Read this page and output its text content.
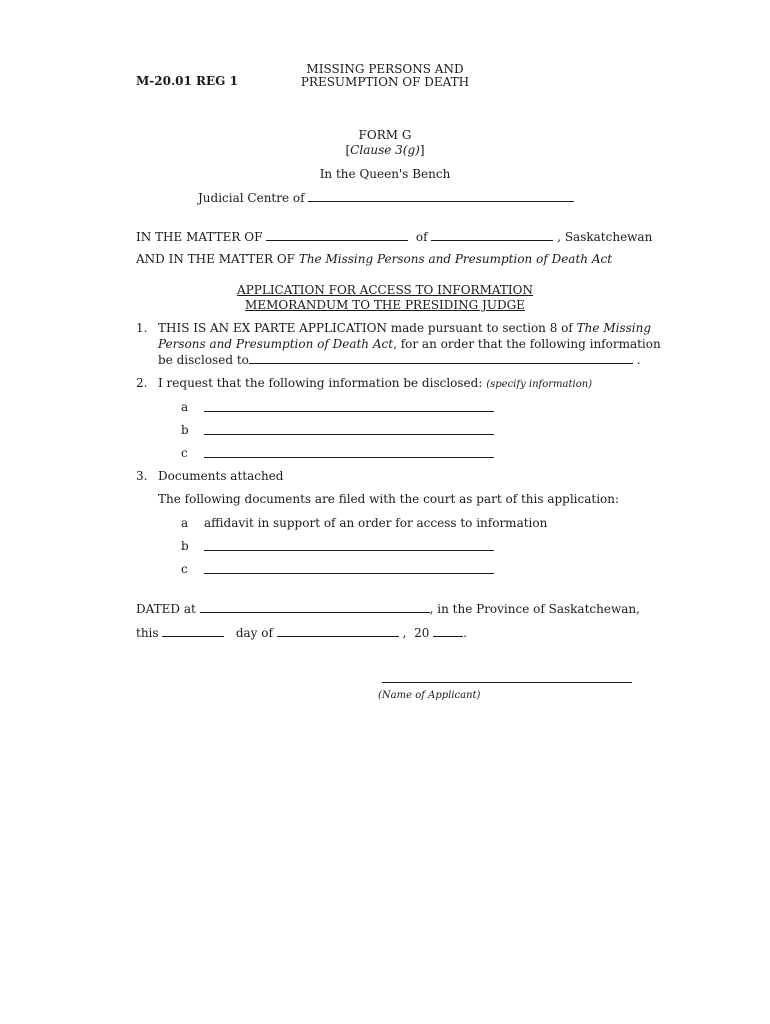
M-20.01 REG 1
MISSING PERSONS AND
PRESUMPTION OF DEATH
FORM G
[Clause 3(g)]
In the Queen's Bench
Judicial Centre of
IN THE MATTER OF	of	, Saskatchewan
AND IN THE MATTER OF The Missing Persons and Presumption of Death Act
APPLICATION FOR ACCESS TO INFORMATION
MEMORANDUM TO THE PRESIDING JUDGE
1. THIS IS AN EX PARTE APPLICATION made pursuant to section 8 of The Missing
Persons and Presumption of Death Act, for an order that the following information
be disclosed to	.
2. I request that the following information be disclosed: (specify information)
a
b
c
3. Documents attached
The following documents are filed with the court as part of this application:
a affidavit in support of an order for access to information
b
c
DATED at	, in the Province of Saskatchewan,
this	day of	, 20	.
(Name of Applicant)
